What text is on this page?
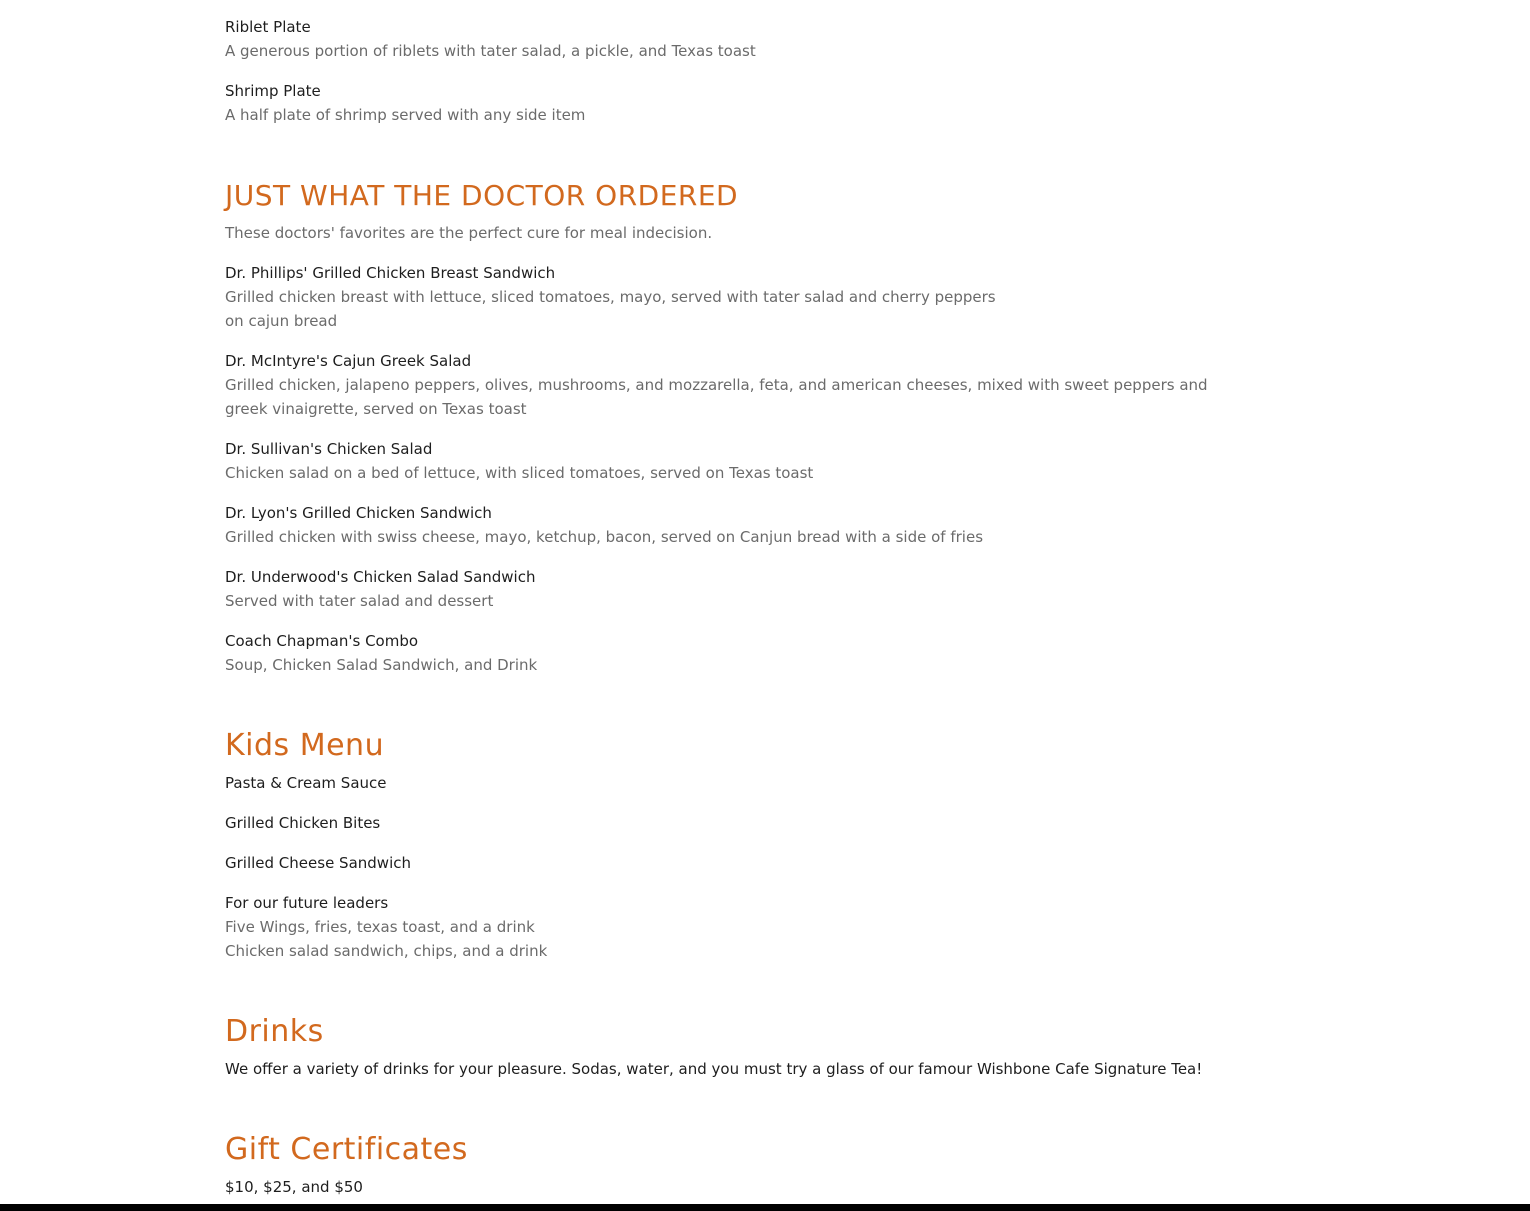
Riblet Plate
A generous portion of riblets with tater salad, a pickle, and Texas toast
Shrimp Plate
A half plate of shrimp served with any side item
JUST WHAT THE DOCTOR ORDERED
These doctors' favorites are the perfect cure for meal indecision.
Dr. Phillips' Grilled Chicken Breast Sandwich
Grilled chicken breast with lettuce, sliced tomatoes, mayo, served with tater salad and cherry peppers
on cajun bread
Dr. McIntyre's Cajun Greek Salad
Grilled chicken, jalapeno peppers, olives, mushrooms, and mozzarella, feta, and american cheeses, mixed with sweet peppers and
greek vinaigrette, served on Texas toast
Dr. Sullivan's Chicken Salad
Chicken salad on a bed of lettuce, with sliced tomatoes, served on Texas toast
Dr. Lyon's Grilled Chicken Sandwich
Grilled chicken with swiss cheese, mayo, ketchup, bacon, served on Canjun bread with a side of fries
Dr. Underwood's Chicken Salad Sandwich
Served with tater salad and dessert
Coach Chapman's Combo
Soup, Chicken Salad Sandwich, and Drink
Kids Menu
Pasta & Cream Sauce
Grilled Chicken Bites
Grilled Cheese Sandwich
For our future leaders
Five Wings, fries, texas toast, and a drink
Chicken salad sandwich, chips, and a drink
Drinks
We offer a variety of drinks for your pleasure. Sodas, water, and you must try a glass of our famour Wishbone Cafe Signature Tea!
Gift Certificates
$10, $25, and $50
